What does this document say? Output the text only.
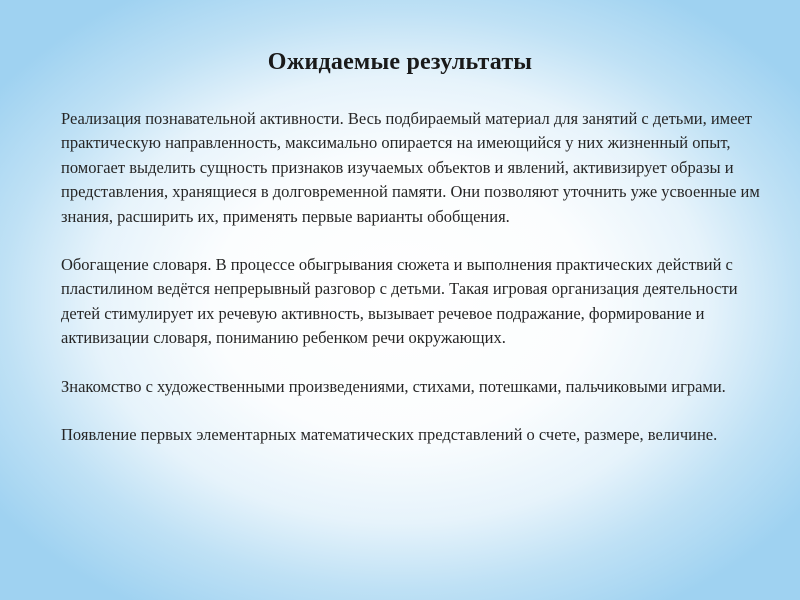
Ожидаемые результаты

Реализация познавательной активности. Весь подбираемый материал для занятий с детьми, имеет практическую направленность, максимально опирается на имеющийся у них жизненный опыт, помогает выделить сущность признаков изучаемых объектов и явлений, активизирует образы и представления, хранящиеся в долговременной памяти. Они позволяют уточнить уже усвоенные им знания, расширить их, применять первые варианты обобщения.

Обогащение словаря. В процессе обыгрывания сюжета и выполнения практических действий с пластилином ведётся непрерывный разговор с детьми. Такая игровая организация деятельности детей стимулирует их речевую активность, вызывает речевое подражание, формирование и активизации словаря, пониманию ребенком речи окружающих.

Знакомство с художественными произведениями, стихами, потешками, пальчиковыми играми.

Появление первых элементарных математических представлений о счете, размере, величине.
